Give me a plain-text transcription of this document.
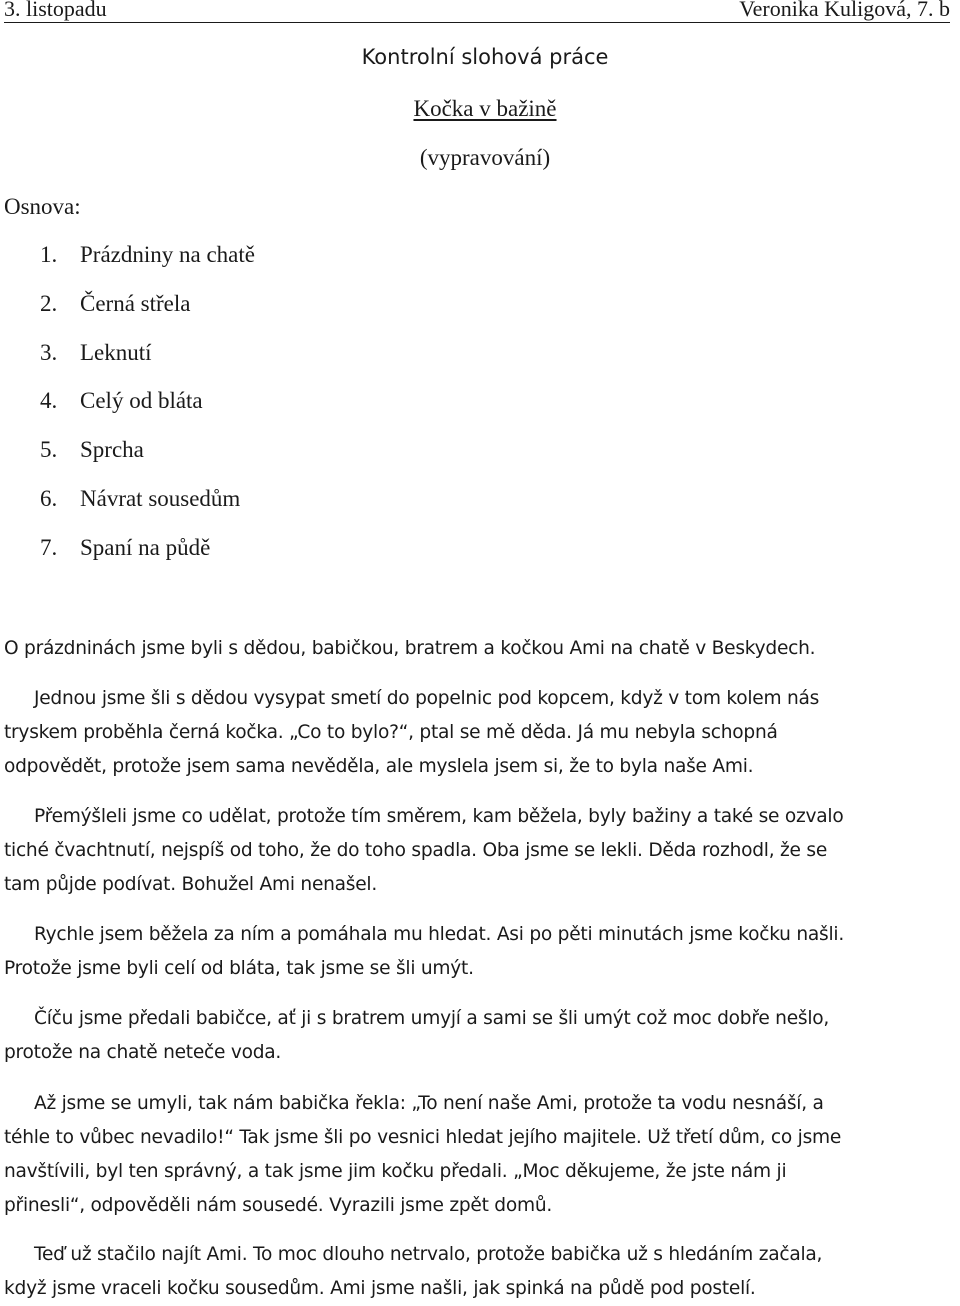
3. listopadu	Veronika Kuligová, 7. b
Kontrolní slohová práce
Kočka v bažině
(vypravování)
Osnova:
1. Prázdniny na chatě
2. Černá střela
3. Leknutí
4. Celý od bláta
5. Sprcha
6. Návrat sousedům
7. Spaní na půdě

O prázdninách jsme byli s dědou, babičkou, bratrem a kočkou Ami na chatě v Beskydech.

Jednou jsme šli s dědou vysypat smetí do popelnic pod kopcem, když v tom kolem nás
tryskem proběhla černá kočka. „Co to bylo?“, ptal se mě děda. Já mu nebyla schopná
odpovědět, protože jsem sama nevěděla, ale myslela jsem si, že to byla naše Ami.

Přemýšleli jsme co udělat, protože tím směrem, kam běžela, byly bažiny a také se ozvalo
tiché čvachtnutí, nejspíš od toho, že do toho spadla. Oba jsme se lekli. Děda rozhodl, že se
tam půjde podívat. Bohužel Ami nenašel.

Rychle jsem běžela za ním a pomáhala mu hledat. Asi po pěti minutách jsme kočku našli.
Protože jsme byli celí od bláta, tak jsme se šli umýt.

Číču jsme předali babičce, ať ji s bratrem umyjí a sami se šli umýt což moc dobře nešlo,
protože na chatě neteče voda.

Až jsme se umyli, tak nám babička řekla: „To není naše Ami, protože ta vodu nesnáší, a
téhle to vůbec nevadilo!“ Tak jsme šli po vesnici hledat jejího majitele. Už třetí dům, co jsme
navštívili, byl ten správný, a tak jsme jim kočku předali. „Moc děkujeme, že jste nám ji
přinesli“, odpověděli nám sousedé. Vyrazili jsme zpět domů.

Teď už stačilo najít Ami. To moc dlouho netrvalo, protože babička už s hledáním začala,
když jsme vraceli kočku sousedům. Ami jsme našli, jak spinká na půdě pod postelí.
